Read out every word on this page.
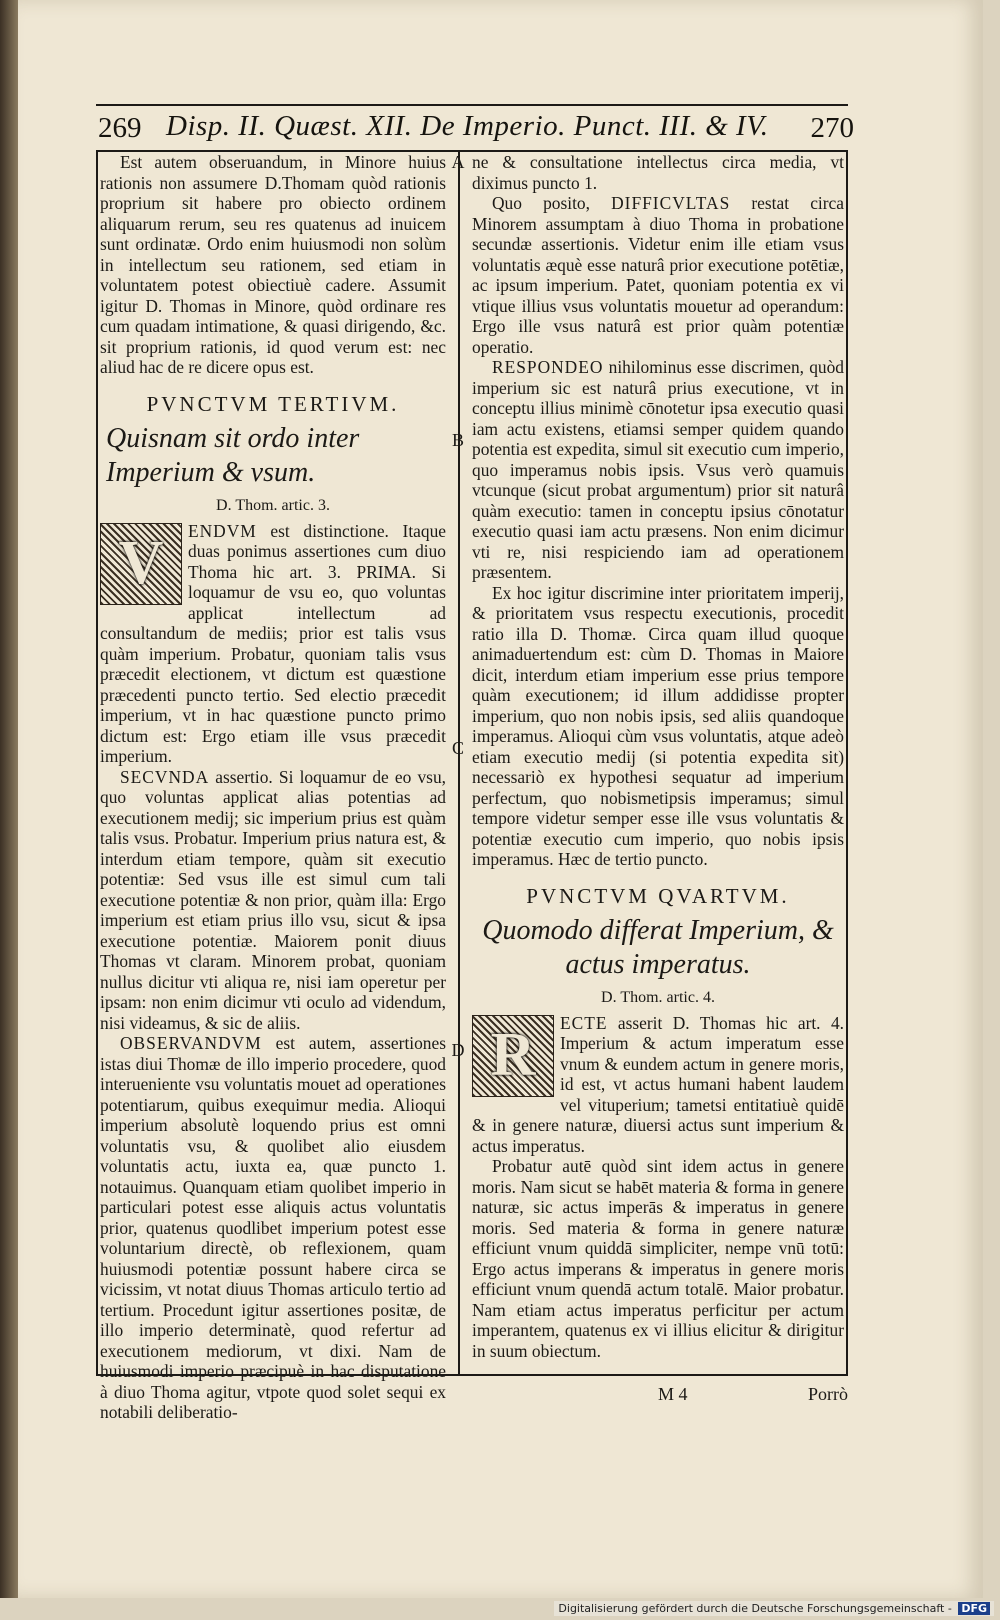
269 Disp. II. Quæst. XII. De Imperio. Punct. III. & IV. 270
A
B
C
D

Est autem obseruandum, in Minore huius rationis non assumere D.Thomam quòd rationis proprium sit habere pro obiecto ordinem aliquarum rerum, seu res quatenus ad inuicem sunt ordinatæ. Ordo enim huiusmodi non solùm in intellectum seu rationem, sed etiam in voluntatem potest obiectiuè cadere. Assumit igitur D. Thomas in Minore, quòd ordinare res cum quadam intimatione, & quasi dirigendo, &c. sit proprium rationis, id quod verum est: nec aliud hac de re dicere opus est.

PVNCTVM TERTIVM.
Quisnam sit ordo inter Imperium & vsum.
D. Thom. artic. 3.
V	ENDVM est distinctione. Itaque duas ponimus assertiones cum diuo Thoma hic art. 3. PRIMA. Si loquamur de vsu eo, quo voluntas applicat intellectum ad consultandum de mediis; prior est talis vsus quàm imperium. Probatur, quoniam talis vsus præcedit electionem, vt dictum est quæstione præcedenti puncto tertio. Sed electio præcedit imperium, vt in hac quæstione puncto primo dictum est: Ergo etiam ille vsus præcedit imperium.

SECVNDA assertio. Si loquamur de eo vsu, quo voluntas applicat alias potentias ad executionem medij; sic imperium prius est quàm talis vsus. Probatur. Imperium prius natura est, & interdum etiam tempore, quàm sit executio potentiæ: Sed vsus ille est simul cum tali executione potentiæ & non prior, quàm illa: Ergo imperium est etiam prius illo vsu, sicut & ipsa executione potentiæ. Maiorem ponit diuus Thomas vt claram. Minorem probat, quoniam nullus dicitur vti aliqua re, nisi iam operetur per ipsam: non enim dicimur vti oculo ad videndum, nisi videamus, & sic de aliis.

OBSERVANDVM est autem, assertiones istas diui Thomæ de illo imperio procedere, quod interueniente vsu voluntatis mouet ad operationes potentiarum, quibus exequimur media. Alioqui imperium absolutè loquendo prius est omni voluntatis vsu, & quolibet alio eiusdem voluntatis actu, iuxta ea, quæ puncto 1. notauimus. Quanquam etiam quolibet imperio in particulari potest esse aliquis actus voluntatis prior, quatenus quodlibet imperium potest esse voluntarium directè, ob reflexionem, quam huiusmodi potentiæ possunt habere circa se vicissim, vt notat diuus Thomas articulo tertio ad tertium. Procedunt igitur assertiones positæ, de illo imperio determinatè, quod refertur ad executionem mediorum, vt dixi. Nam de huiusmodi imperio præcipuè in hac disputatione à diuo Thoma agitur, vtpote quod solet sequi ex notabili deliberatio-

ne & consultatione intellectus circa media, vt diximus puncto 1.

Quo posito, DIFFICVLTAS restat circa Minorem assumptam à diuo Thoma in probatione secundæ assertionis. Videtur enim ille etiam vsus voluntatis æquè esse naturâ prior executione potētiæ, ac ipsum imperium. Patet, quoniam potentia ex vi vtique illius vsus voluntatis mouetur ad operandum: Ergo ille vsus naturâ est prior quàm potentiæ operatio.

RESPONDEO nihilominus esse discrimen, quòd imperium sic est naturâ prius executione, vt in conceptu illius minimè cōnotetur ipsa executio quasi iam actu existens, etiamsi semper quidem quando potentia est expedita, simul sit executio cum imperio, quo imperamus nobis ipsis. Vsus verò quamuis vtcunque (sicut probat argumentum) prior sit naturâ quàm executio: tamen in conceptu ipsius cōnotatur executio quasi iam actu præsens. Non enim dicimur vti re, nisi respiciendo iam ad operationem præsentem.

Ex hoc igitur discrimine inter prioritatem imperij, & prioritatem vsus respectu executionis, procedit ratio illa D. Thomæ. Circa quam illud quoque animaduertendum est: cùm D. Thomas in Maiore dicit, interdum etiam imperium esse prius tempore quàm executionem; id illum addidisse propter imperium, quo non nobis ipsis, sed aliis quandoque imperamus. Alioqui cùm vsus voluntatis, atque adeò etiam executio medij (si potentia expedita sit) necessariò ex hypothesi sequatur ad imperium perfectum, quo nobismetipsis imperamus; simul tempore videtur semper esse ille vsus voluntatis & potentiæ executio cum imperio, quo nobis ipsis imperamus. Hæc de tertio puncto.

PVNCTVM QVARTVM.
Quomodo differat Imperium, & actus imperatus.
D. Thom. artic. 4.
R	ECTE asserit D. Thomas hic art. 4. Imperium & actum imperatum esse vnum & eundem actum in genere moris, id est, vt actus humani habent laudem vel vituperium; tametsi entitatiuè quidē & in genere naturæ, diuersi actus sunt imperium & actus imperatus.

Probatur autē quòd sint idem actus in genere moris. Nam sicut se habēt materia & forma in genere naturæ, sic actus imperās & imperatus in genere moris. Sed materia & forma in genere naturæ efficiunt vnum quiddā simpliciter, nempe vnū totū: Ergo actus imperans & imperatus in genere moris efficiunt vnum quendā actum totalē. Maior probatur. Nam etiam actus imperatus perficitur per actum imperantem, quatenus ex vi illius elicitur & dirigitur in suum obiectum.

M 4	Porrò
Digitalisierung gefördert durch die Deutsche Forschungsgemeinschaft - DFG
